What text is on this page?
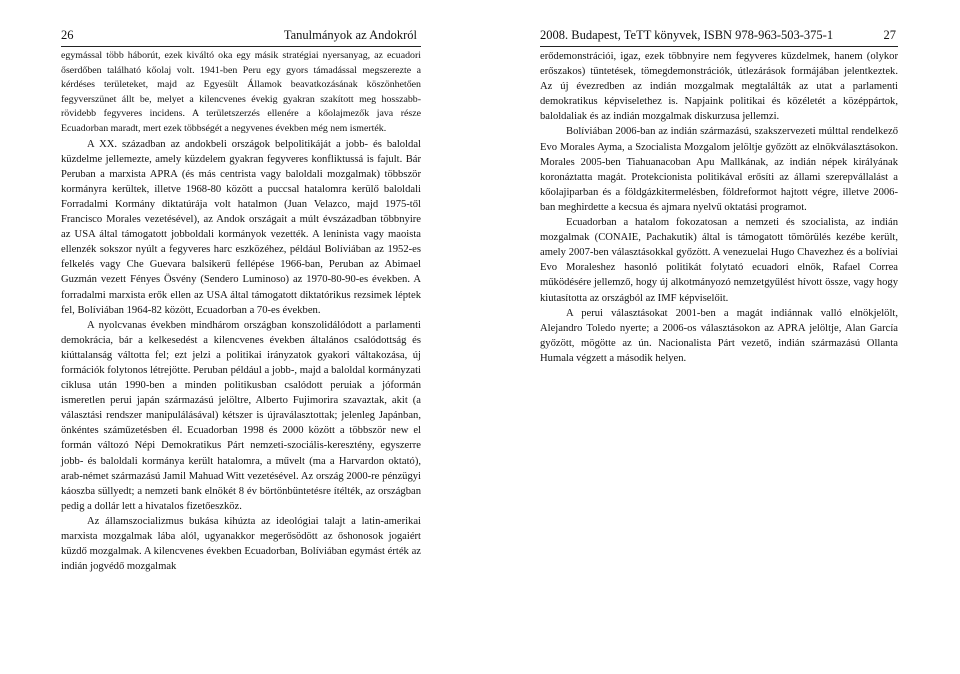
26	Tanulmányok az Andokról

egymással több háborút, ezek kiváltó oka egy másik stratégiai nyersanyag, az ecuadori őserdőben található kőolaj volt. 1941-ben Peru egy gyors támadással megszerezte a kérdéses területeket, majd az Egyesült Államok beavatkozásának köszönhetően fegyverszünet állt be, melyet a kilencvenes évekig gyakran szakított meg hosszabb-rövidebb fegyveres incidens. A területszerzés ellenére a kőolajmezők java része Ecuadorban maradt, mert ezek többségét a negyvenes években még nem ismerték.

A XX. században az andokbeli országok belpolitikáját a jobb- és baloldal küzdelme jellemezte, amely küzdelem gyakran fegyveres konfliktussá is fajult. Bár Peruban a marxista APRA (és más centrista vagy baloldali mozgalmak) többször kormányra kerültek, illetve 1968-80 között a puccsal hatalomra kerülő baloldali Forradalmi Kormány diktatúrája volt hatalmon (Juan Velazco, majd 1975-től Francisco Morales vezetésével), az Andok országait a múlt évszázadban többnyire az USA által támogatott jobboldali kormányok vezették. A leninista vagy maoista ellenzék sokszor nyúlt a fegyveres harc eszközéhez, például Bolíviában az 1952-es felkelés vagy Che Guevara balsikerű fellépése 1966-ban, Peruban az Abimael Guzmán vezett Fényes Ösvény (Sendero Luminoso) az 1970-80-90-es években. A forradalmi marxista erők ellen az USA által támogatott diktatórikus rezsimek léptek fel, Bolíviában 1964-82 között, Ecuadorban a 70-es években.

A nyolcvanas években mindhárom országban konszolidálódott a parlamenti demokrácia, bár a kelkesedést a kilencvenes években általános csalódottság és kiúttalanság váltotta fel; ezt jelzi a politikai irányzatok gyakori váltakozása, új formációk folytonos létrejötte. Peruban például a jobb-, majd a baloldal kormányzati ciklusa után 1990-ben a minden politikusban csalódott peruiak a jóformán ismeretlen perui japán származású jelöltre, Alberto Fujimorira szavaztak, akit (a választási rendszer manipulálásával) kétszer is újraválasztottak; jelenleg Japánban, önkéntes száműzetésben él. Ecuadorban 1998 és 2000 között a többször new el formán változó Népi Demokratikus Párt nemzeti-szociális-keresztény, egyszerre jobb- és baloldali kormánya került hatalomra, a művelt (ma a Harvardon oktató), arab-német származású Jamil Mahuad Witt vezetésével. Az ország 2000-re pénzügyi káoszba süllyedt; a nemzeti bank elnökét 8 év börtönbüntetésre ítélték, az országban pedig a dollár lett a hivatalos fizetőeszköz.

Az államszocializmus bukása kihúzta az ideológiai talajt a latin-amerikai marxista mozgalmak lába alól, ugyanakkor megerősödött az őshonosok jogaiért küzdő mozgalmak. A kilencvenes években Ecuadorban, Bolíviában egymást érték az indián jogvédő mozgalmak

2008. Budapest, TeTT könyvek, ISBN 978-963-503-375-1	27

erődemonstrációi, igaz, ezek többnyire nem fegyveres küzdelmek, hanem (olykor erőszakos) tüntetések, tömegdemonstrációk, útlezárások formájában jelentkeztek. Az új évezredben az indián mozgalmak megtalálták az utat a parlamenti demokratikus képviselethez is. Napjaink politikai és közéletét a középpártok, baloldaliak és az indián mozgalmak diskurzusa jellemzi.

Bolíviában 2006-ban az indián származású, szakszervezeti múlttal rendelkező Evo Morales Ayma, a Szocialista Mozgalom jelöltje győzött az elnökválasztásokon. Morales 2005-ben Tiahuanacoban Apu Mallkának, az indián népek királyának koronáztatta magát. Protekcionista politikával erősíti az állami szerepvállalást a kőolajiparban és a földgázkitermelésben, földreformot hajtott végre, illetve 2006-ban meghirdette a kecsua és ajmara nyelvű oktatási programot.

Ecuadorban a hatalom fokozatosan a nemzeti és szocialista, az indián mozgalmak (CONAIE, Pachakutik) által is támogatott tömörülés kezébe került, amely 2007-ben választásokkal győzött. A venezuelai Hugo Chavezhez és a bolíviai Evo Moraleshez hasonló politikát folytató ecuadori elnök, Rafael Correa működésére jellemző, hogy új alkotmányozó nemzetgyűlést hívott össze, vagy hogy kiutasította az országból az IMF képviselőit.

A perui választásokat 2001-ben a magát indiánnak valló elnökjelölt, Alejandro Toledo nyerte; a 2006-os választásokon az APRA jelöltje, Alan García győzött, mögötte az ún. Nacionalista Párt vezető, indián származású Ollanta Humala végzett a második helyen.
